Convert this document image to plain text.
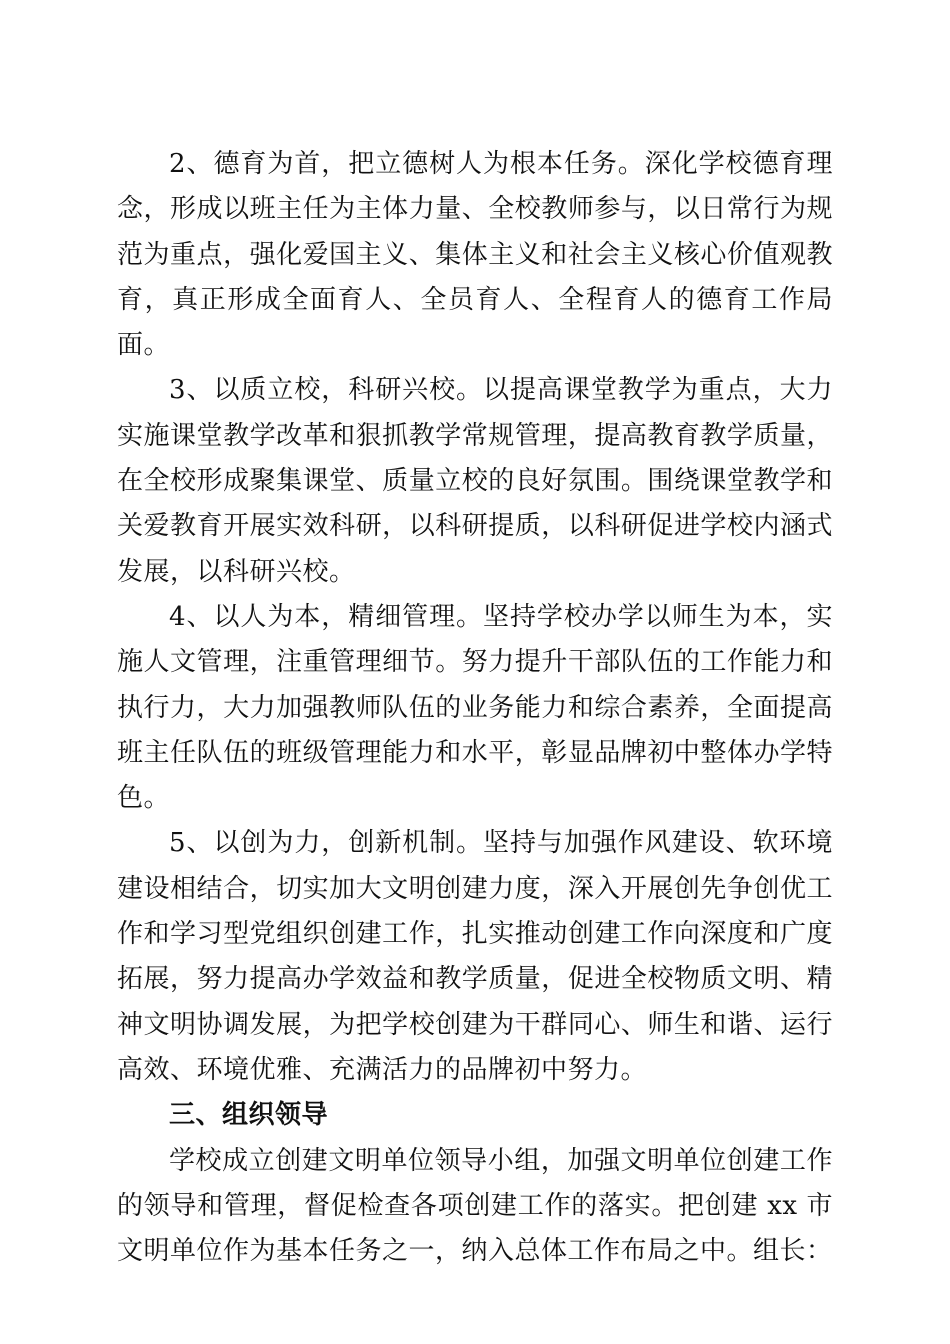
2、德育为首，把立德树人为根本任务。深化学校德育理念，形成以班主任为主体力量、全校教师参与，以日常行为规范为重点，强化爱国主义、集体主义和社会主义核心价值观教育，真正形成全面育人、全员育人、全程育人的德育工作局面。

3、以质立校，科研兴校。以提高课堂教学为重点，大力实施课堂教学改革和狠抓教学常规管理，提高教育教学质量，在全校形成聚集课堂、质量立校的良好氛围。围绕课堂教学和关爱教育开展实效科研，以科研提质，以科研促进学校内涵式发展，以科研兴校。

4、以人为本，精细管理。坚持学校办学以师生为本，实施人文管理，注重管理细节。努力提升干部队伍的工作能力和执行力，大力加强教师队伍的业务能力和综合素养，全面提高班主任队伍的班级管理能力和水平，彰显品牌初中整体办学特色。

5、以创为力，创新机制。坚持与加强作风建设、软环境建设相结合，切实加大文明创建力度，深入开展创先争创优工作和学习型党组织创建工作，扎实推动创建工作向深度和广度拓展，努力提高办学效益和教学质量，促进全校物质文明、精神文明协调发展，为把学校创建为干群同心、师生和谐、运行高效、环境优雅、充满活力的品牌初中努力。

三、组织领导

学校成立创建文明单位领导小组，加强文明单位创建工作的领导和管理，督促检查各项创建工作的落实。把创建 xx 市文明单位作为基本任务之一，纳入总体工作布局之中。组长：
